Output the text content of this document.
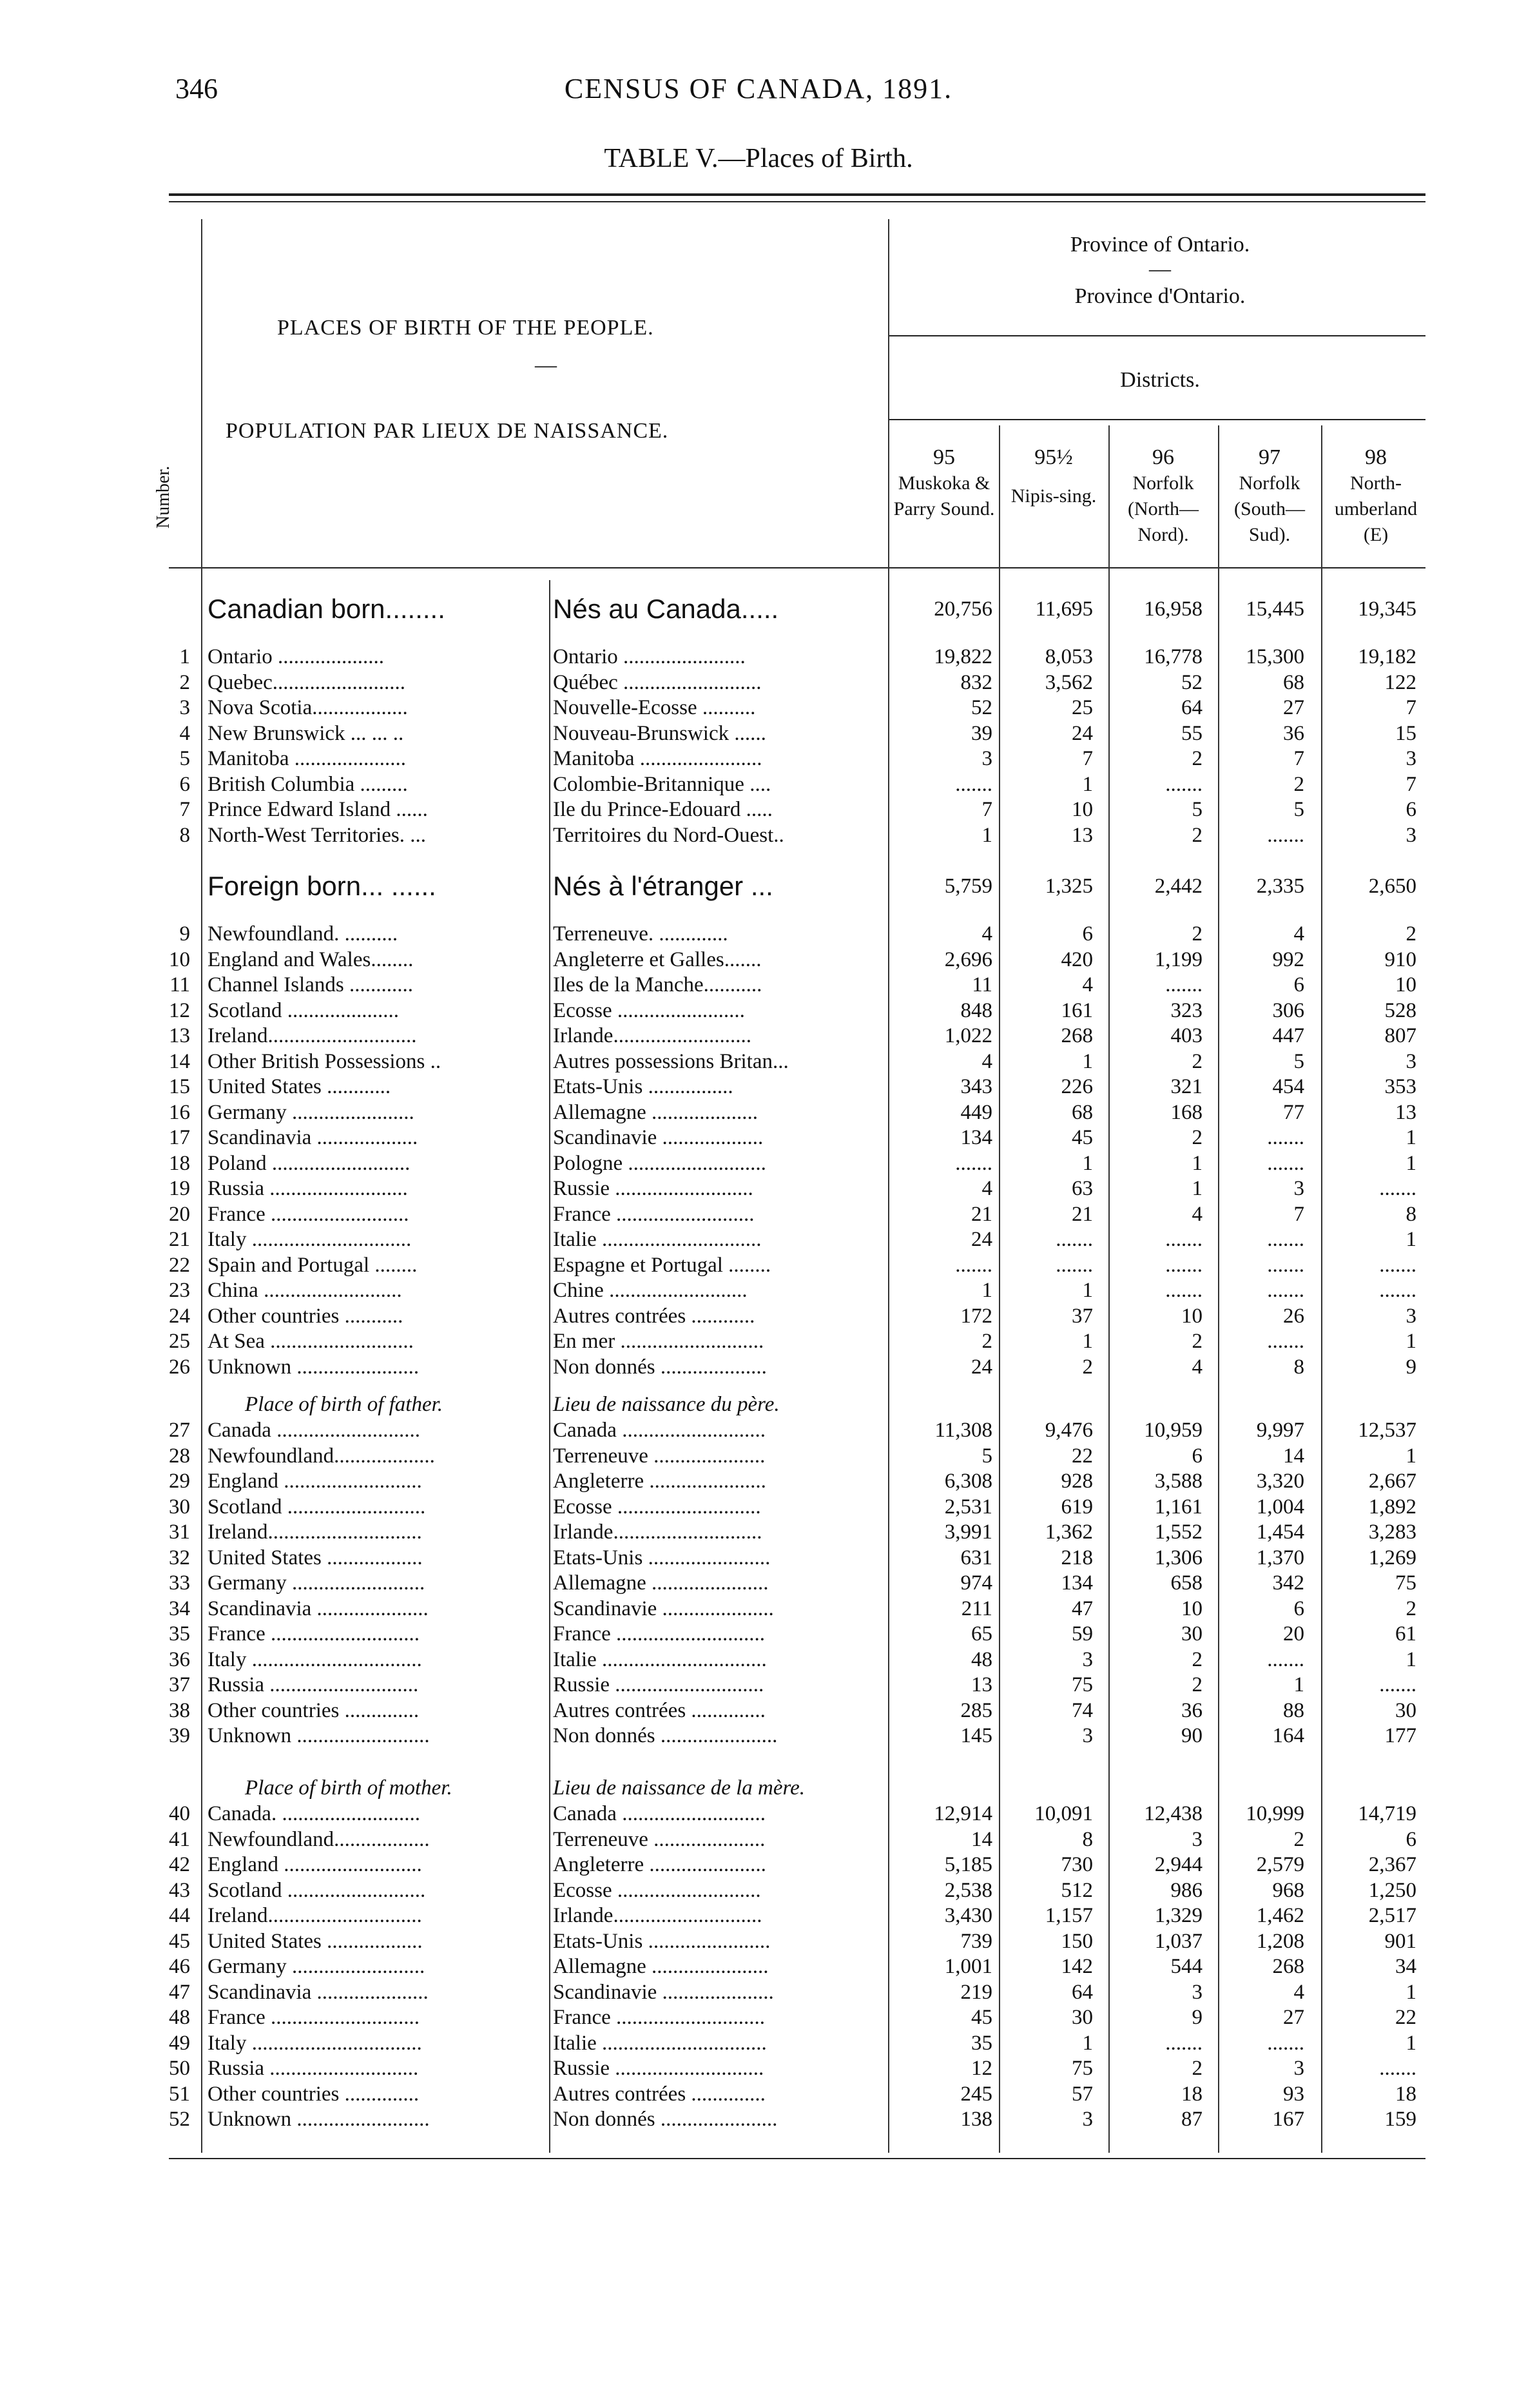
346	CENSUS OF CANADA, 1891.
TABLE V.—Places of Birth.
PLACES OF BIRTH OF THE PEOPLE.
—
POPULATION PAR LIEUX DE NAISSANCE.
Number.
Province of Ontario.
—
Province d'Ontario.
Districts.
95
Muskoka & Parry Sound.
95½
Nipis-sing.
96
Norfolk (North—Nord).
97
Norfolk (South—Sud).
98
North-umberland (E)
Canadian born........	Nés au Canada.....	20,756	11,695	16,958	15,445	19,345
1 Ontario ....................	Ontario .......................	19,822	8,053	16,778	15,300	19,182
2 Quebec.........................	Québec ..........................	832	3,562	52	68	122
3 Nova Scotia..................	Nouvelle-Ecosse ..........	52	25	64	27	7
4 New Brunswick ... ... ..	Nouveau-Brunswick ......	39	24	55	36	15
5 Manitoba .....................	Manitoba .......................	3	7	2	7	3
6 British Columbia .........	Colombie-Britannique ....	.......	1	.......	2	7
7 Prince Edward Island ......	Ile du Prince-Edouard .....	7	10	5	5	6
8 North-West Territories. ...	Territoires du Nord-Ouest..	1	13	2	.......	3
Foreign born... ......	Nés à l'étranger ...	5,759	1,325	2,442	2,335	2,650
9 Newfoundland. ..........	Terreneuve. .............	4	6	2	4	2
10 England and Wales........	Angleterre et Galles.......	2,696	420	1,199	992	910
11 Channel Islands ............	Iles de la Manche...........	11	4	.......	6	10
12 Scotland .....................	Ecosse ........................	848	161	323	306	528
13 Ireland............................	Irlande..........................	1,022	268	403	447	807
14 Other British Possessions ..	Autres possessions Britan...	4	1	2	5	3
15 United States ............	Etats-Unis ................	343	226	321	454	353
16 Germany .......................	Allemagne ....................	449	68	168	77	13
17 Scandinavia ...................	Scandinavie ...................	134	45	2	.......	1
18 Poland ..........................	Pologne ..........................	.......	1	1	.......	1
19 Russia ..........................	Russie ..........................	4	63	1	3	.......
20 France ..........................	France ..........................	21	21	4	7	8
21 Italy ..............................	Italie ..............................	24	.......	.......	.......	1
22 Spain and Portugal ........	Espagne et Portugal ........	.......	.......	.......	.......	.......
23 China ..........................	Chine ..........................	1	1	.......	.......	.......
24 Other countries ...........	Autres contrées ............	172	37	10	26	3
25 At Sea ...........................	En mer ...........................	2	1	2	.......	1
26 Unknown .......................	Non donnés ....................	24	2	4	8	9
Place of birth of father.	Lieu de naissance du père.
27 Canada ...........................	Canada ...........................	11,308	9,476	10,959	9,997	12,537
28 Newfoundland...................	Terreneuve .....................	5	22	6	14	1
29 England ..........................	Angleterre ......................	6,308	928	3,588	3,320	2,667
30 Scotland ..........................	Ecosse ...........................	2,531	619	1,161	1,004	1,892
31 Ireland.............................	Irlande............................	3,991	1,362	1,552	1,454	3,283
32 United States ..................	Etats-Unis .......................	631	218	1,306	1,370	1,269
33 Germany .........................	Allemagne ......................	974	134	658	342	75
34 Scandinavia .....................	Scandinavie .....................	211	47	10	6	2
35 France ............................	France ............................	65	59	30	20	61
36 Italy ................................	Italie ...............................	48	3	2	.......	1
37 Russia ............................	Russie ............................	13	75	2	1	.......
38 Other countries ..............	Autres contrées ..............	285	74	36	88	30
39 Unknown .........................	Non donnés ......................	145	3	90	164	177
Place of birth of mother.	Lieu de naissance de la mère.
40 Canada. ..........................	Canada ...........................	12,914	10,091	12,438	10,999	14,719
41 Newfoundland..................	Terreneuve .....................	14	8	3	2	6
42 England ..........................	Angleterre ......................	5,185	730	2,944	2,579	2,367
43 Scotland ..........................	Ecosse ...........................	2,538	512	986	968	1,250
44 Ireland.............................	Irlande............................	3,430	1,157	1,329	1,462	2,517
45 United States ..................	Etats-Unis .......................	739	150	1,037	1,208	901
46 Germany .........................	Allemagne ......................	1,001	142	544	268	34
47 Scandinavia .....................	Scandinavie .....................	219	64	3	4	1
48 France ............................	France ............................	45	30	9	27	22
49 Italy ................................	Italie ...............................	35	1	.......	.......	1
50 Russia ............................	Russie ............................	12	75	2	3	.......
51 Other countries ..............	Autres contrées ..............	245	57	18	93	18
52 Unknown .........................	Non donnés ......................	138	3	87	167	159
